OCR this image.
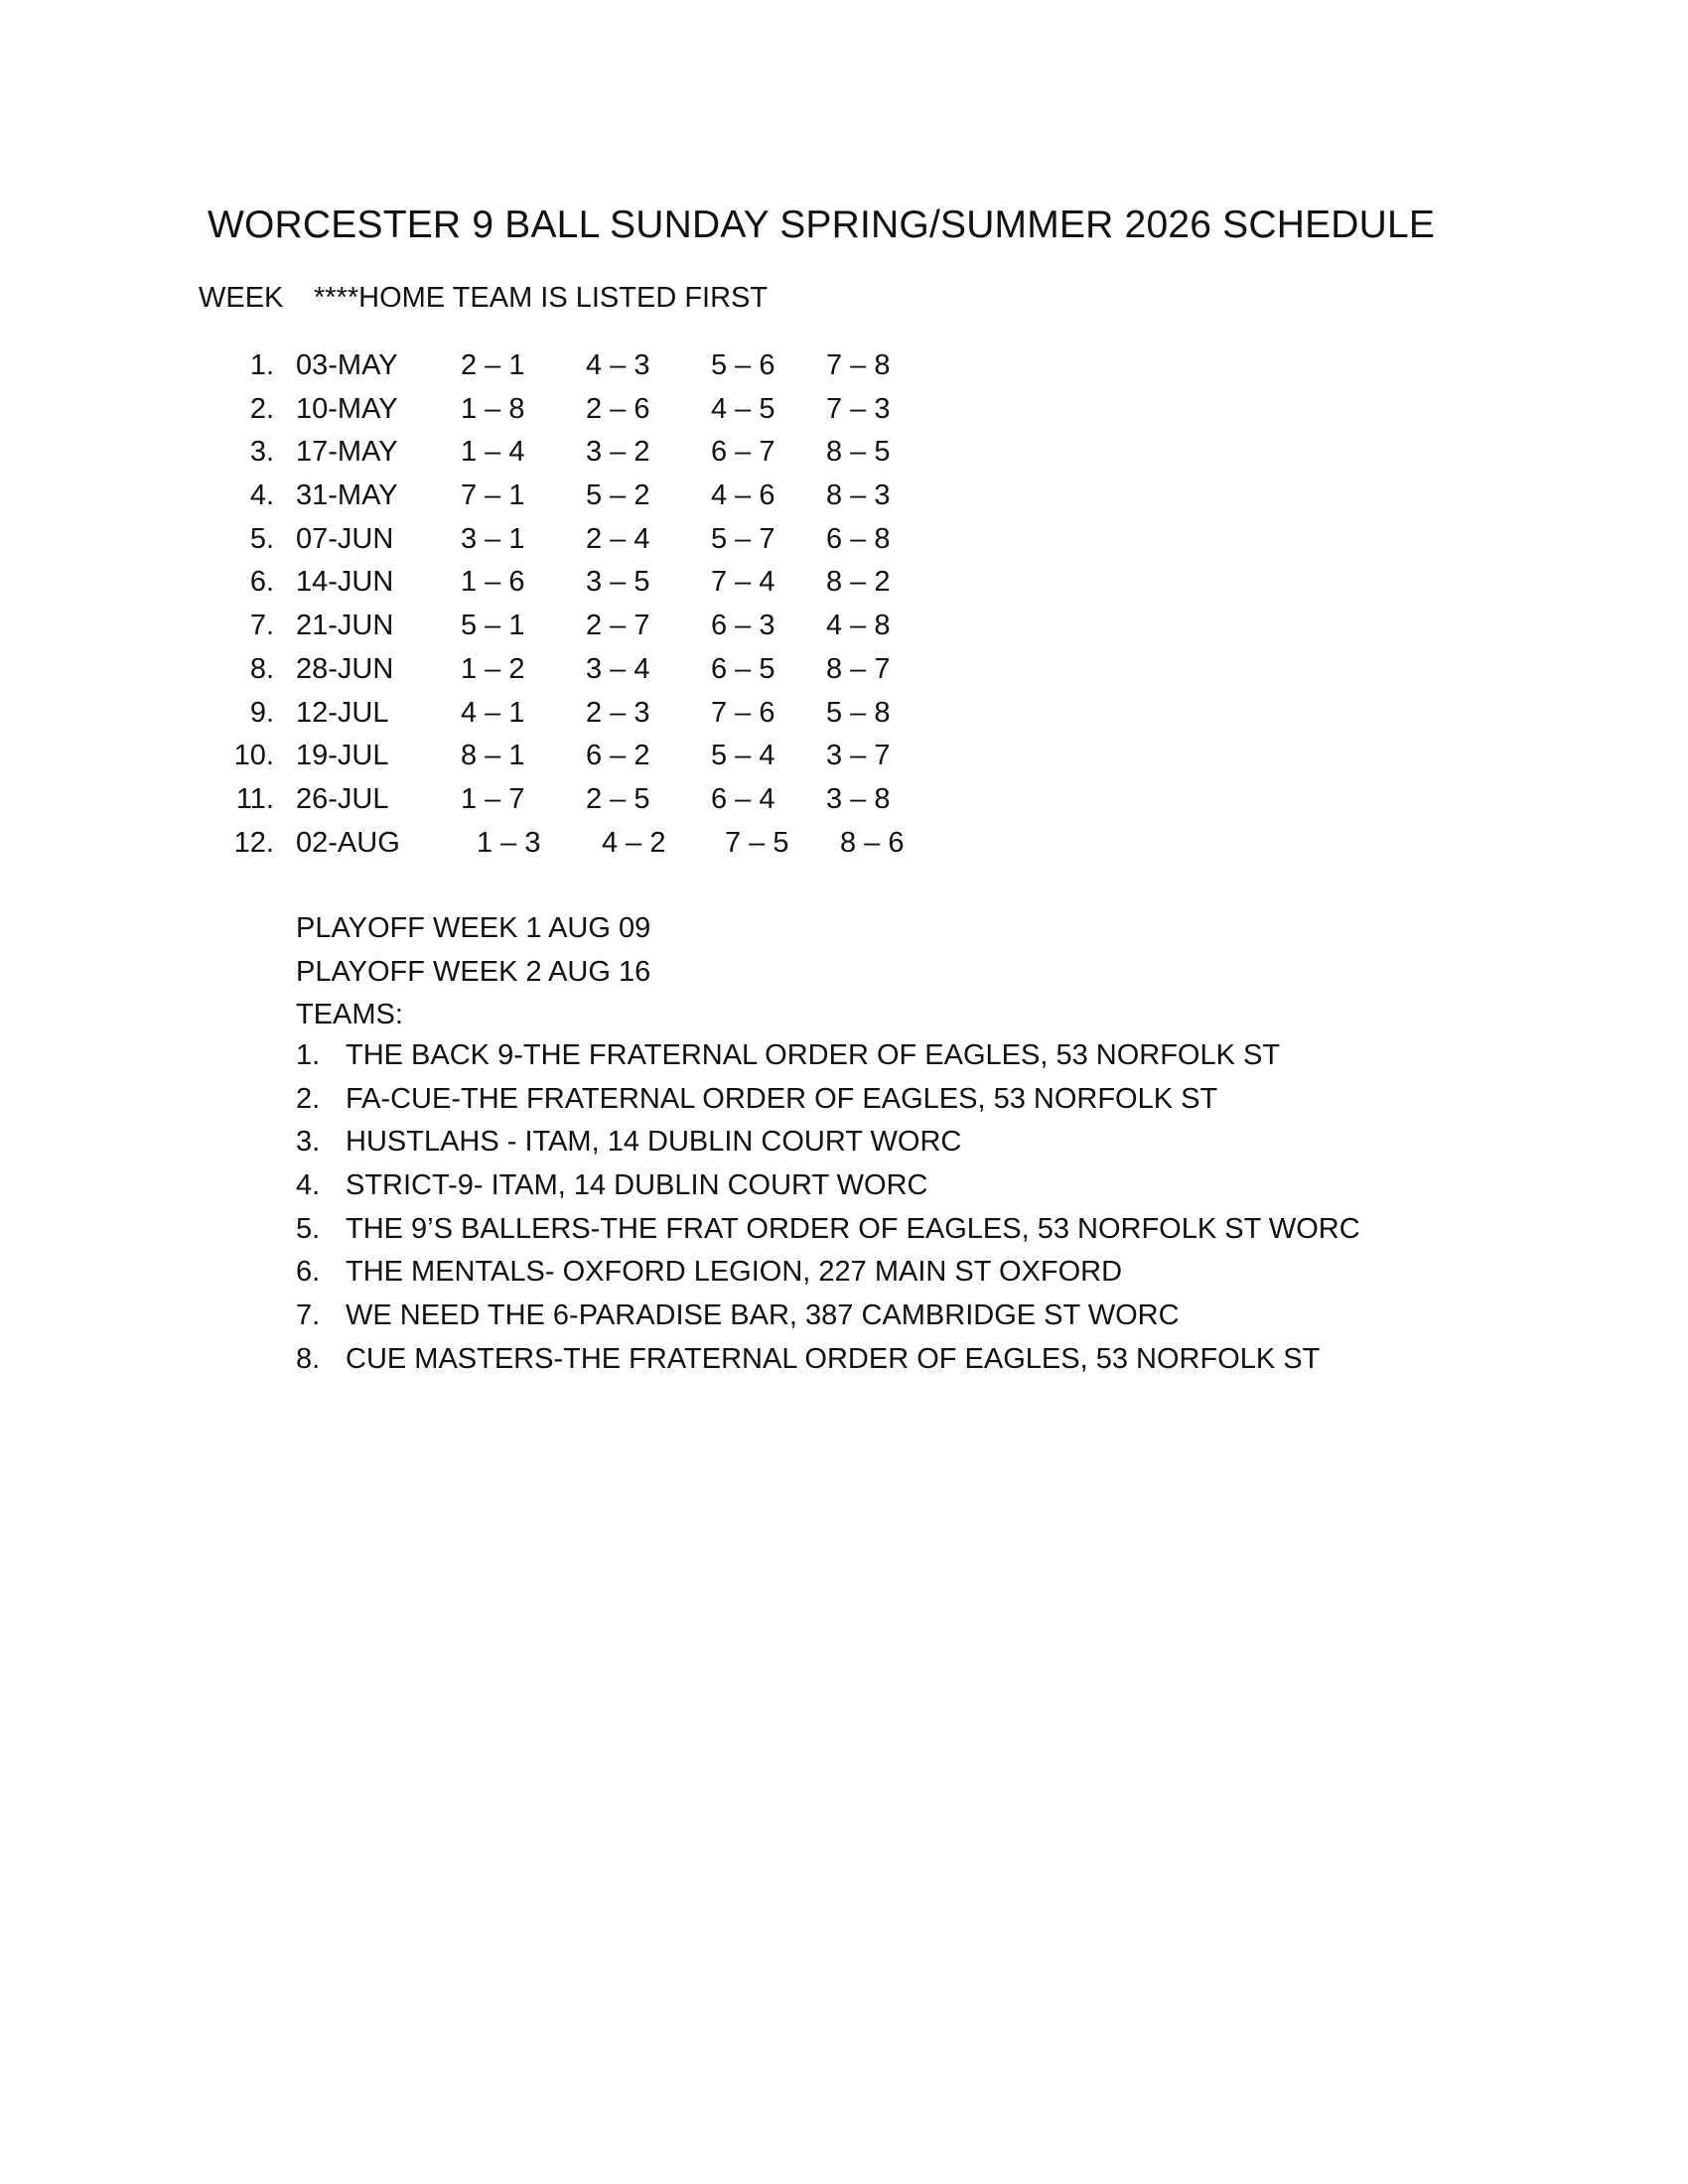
WORCESTER 9 BALL SUNDAY SPRING/SUMMER 2026 SCHEDULE
WEEK ****HOME TEAM IS LISTED FIRST
1. 03-MAY 2 – 1 4 – 3 5 – 6 7 – 8
2. 10-MAY 1 – 8 2 – 6 4 – 5 7 – 3
3. 17-MAY 1 – 4 3 – 2 6 – 7 8 – 5
4. 31-MAY 7 – 1 5 – 2 4 – 6 8 – 3
5. 07-JUN 3 – 1 2 – 4 5 – 7 6 – 8
6. 14-JUN 1 – 6 3 – 5 7 – 4 8 – 2
7. 21-JUN 5 – 1 2 – 7 6 – 3 4 – 8
8. 28-JUN 1 – 2 3 – 4 6 – 5 8 – 7
9. 12-JUL	4 – 1 2 – 3 7 – 6 5 – 8
10. 19-JUL	8 – 1 6 – 2 5 – 4 3 – 7
11. 26-JUL	1 – 7 2 – 5 6 – 4 3 – 8
12. 02-AUG	1 – 3 4 – 2 7 – 5 8 – 6
PLAYOFF WEEK 1 AUG 09
PLAYOFF WEEK 2 AUG 16
TEAMS:
1. THE BACK 9-THE FRATERNAL ORDER OF EAGLES, 53 NORFOLK ST
2. FA-CUE-THE FRATERNAL ORDER OF EAGLES, 53 NORFOLK ST
3. HUSTLAHS - ITAM, 14 DUBLIN COURT WORC
4. STRICT-9- ITAM, 14 DUBLIN COURT WORC
5. THE 9’S BALLERS-THE FRAT ORDER OF EAGLES, 53 NORFOLK ST WORC
6. THE MENTALS- OXFORD LEGION, 227 MAIN ST OXFORD
7. WE NEED THE 6-PARADISE BAR, 387 CAMBRIDGE ST WORC
8. CUE MASTERS-THE FRATERNAL ORDER OF EAGLES, 53 NORFOLK ST
